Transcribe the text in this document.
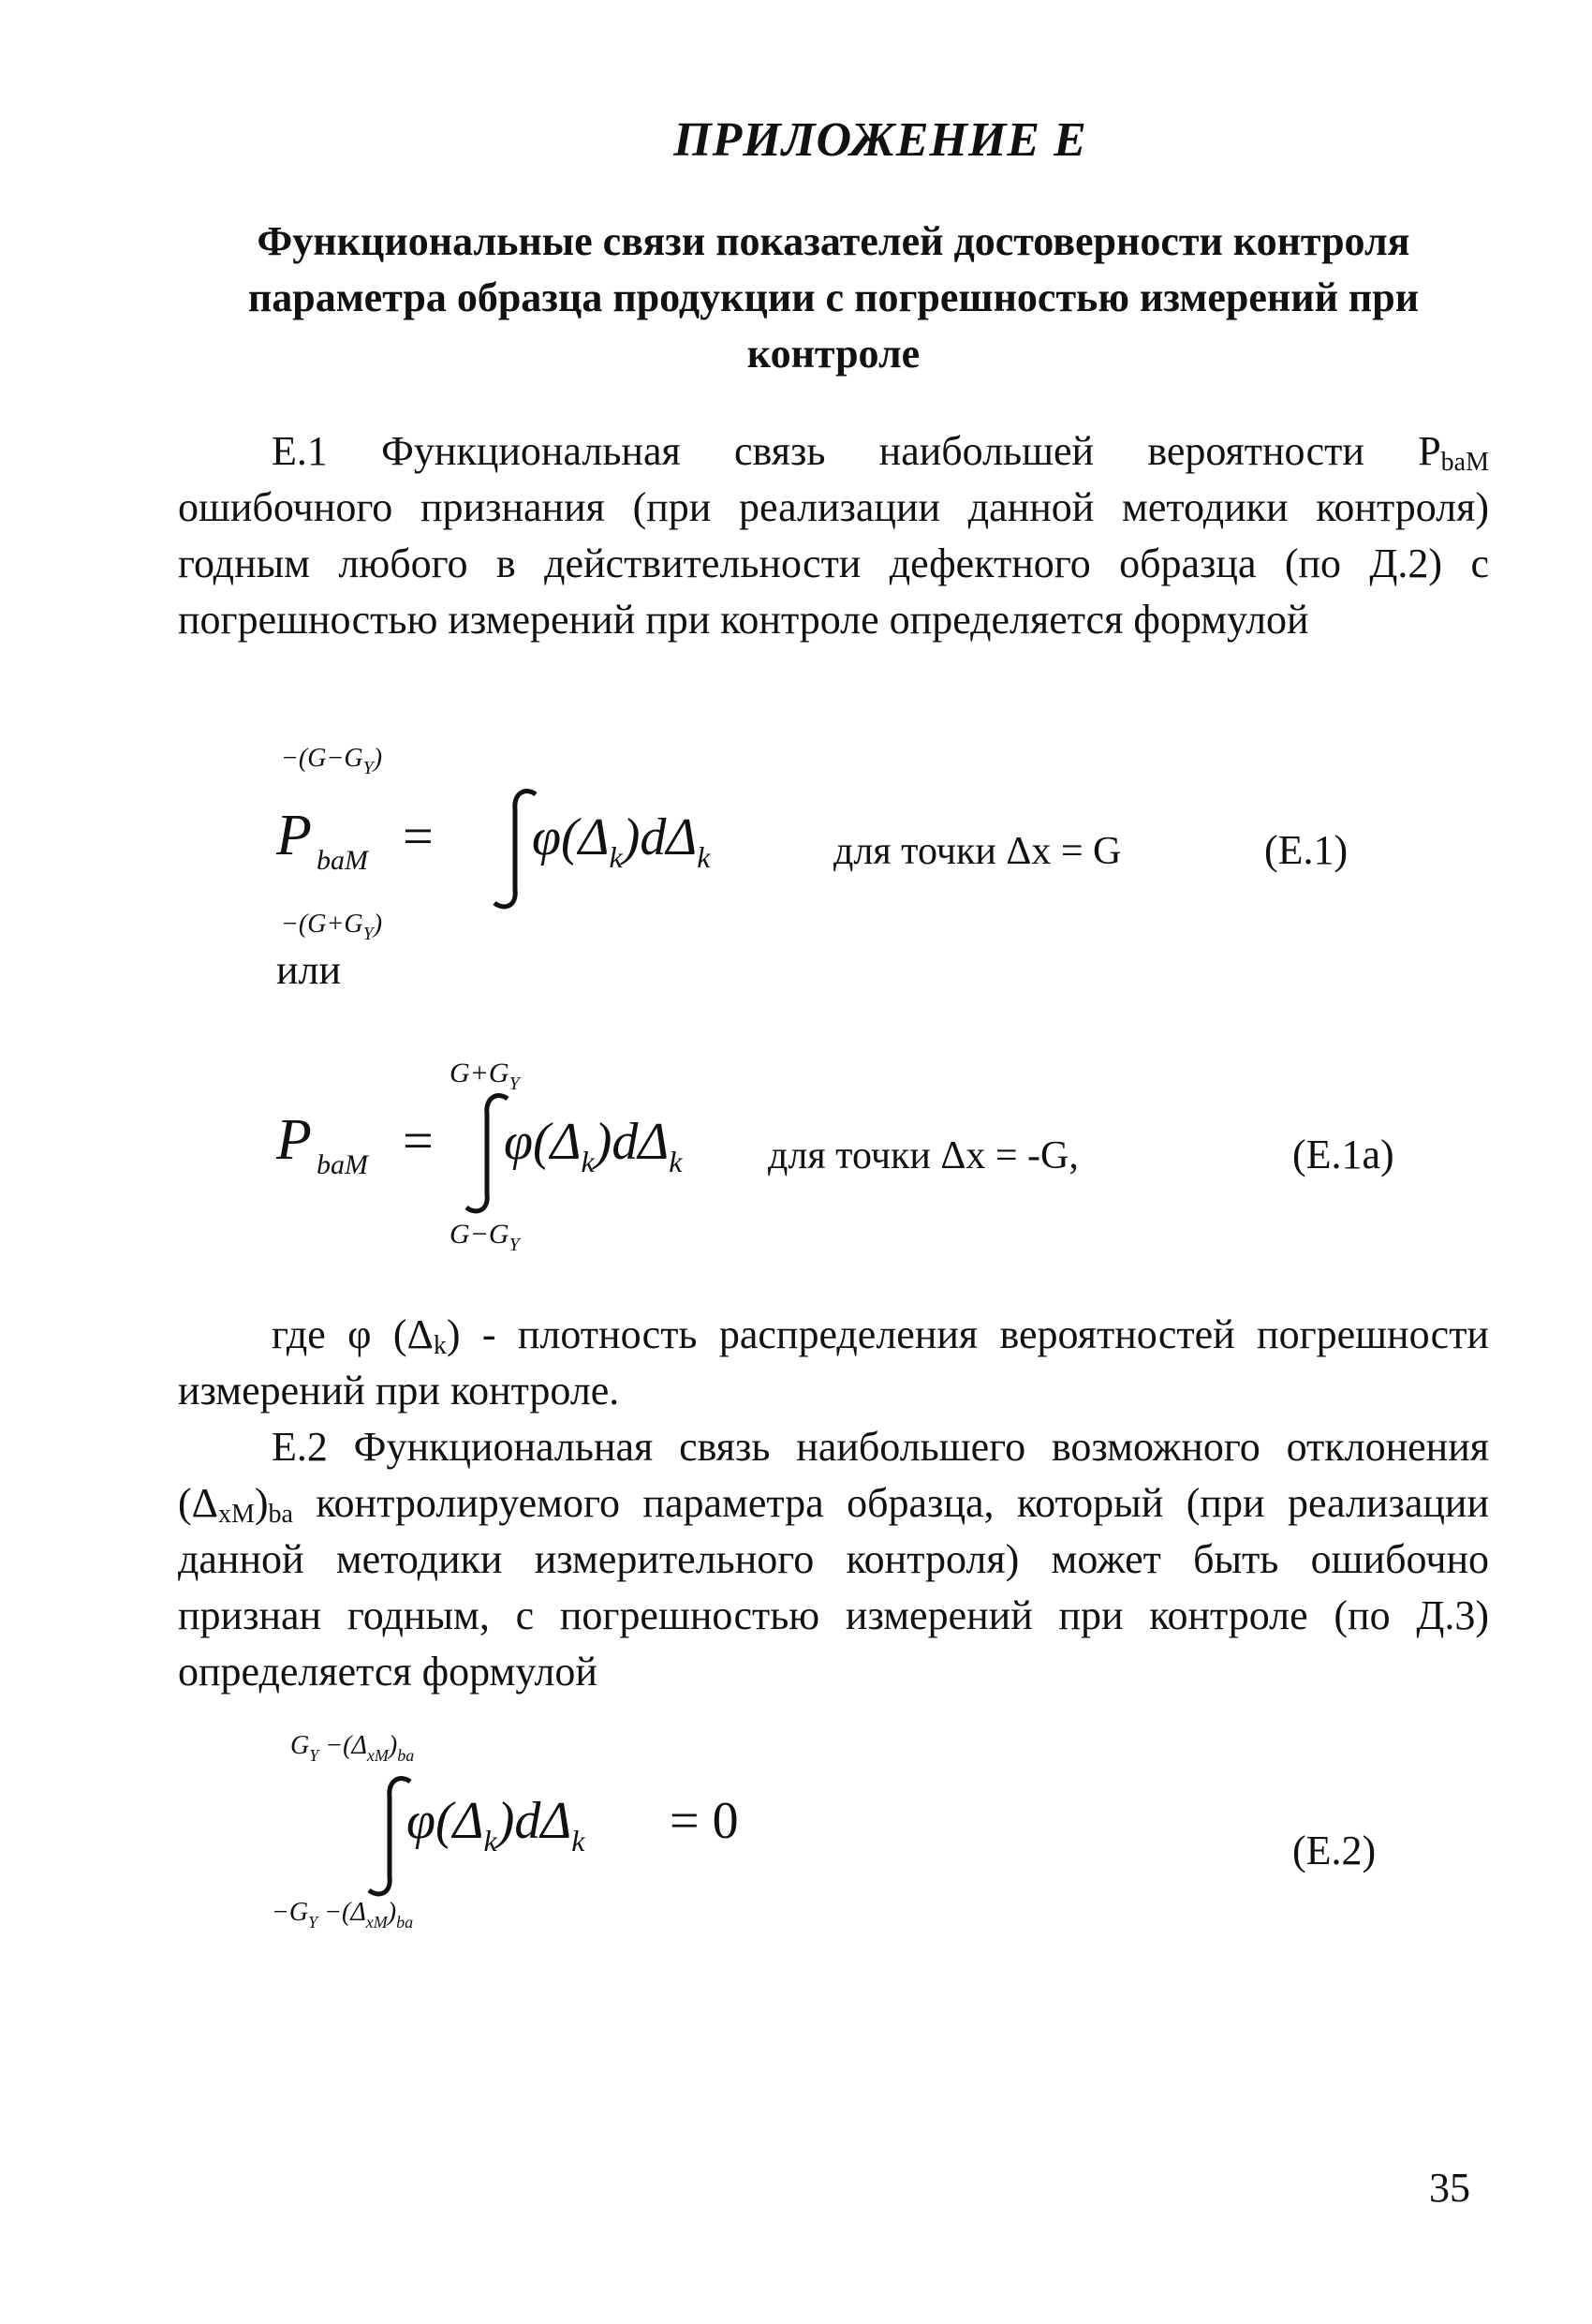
ПРИЛОЖЕНИЕ Е
Функциональные связи показателей достоверности контроля параметра образца продукции с погрешностью измерений при контроле
Е.1 Функциональная связь наибольшей вероятности $P_{baM}$ ошибочного признания (при реализации данной методики контроля) годным любого в действительности дефектного образца (по Д.2) с погрешностью измерений при контроле определяется формулой
$-(G-G_Y)$
P baM = $\varphi(\Delta_k)d\Delta_k$	для точки Δx = G
$-(G+G_Y)$
(Е.1)
или
$G+G_Y$
P baM = $\varphi(\Delta_k)d\Delta_k$ для точки Δx = -G,
$G-G_Y$
(Е.1а)
где φ $(\Delta_k)$ - плотность распределения вероятностей погрешности измерений при контроле.
Е.2 Функциональная связь наибольшего возможного отклонения $(\Delta_{xM})_{ba}$ контролируемого параметра образца, который (при реализации данной методики измерительного контроля) может быть ошибочно признан годным, с погрешностью измерений при контроле (по Д.3) определяется формулой
$G_Y -(\Delta_{xM})_{ba}$
$\varphi(\Delta_k)d\Delta_k = 0$
$-G_Y -(\Delta_{xM})_{ba}$
(Е.2)
35
